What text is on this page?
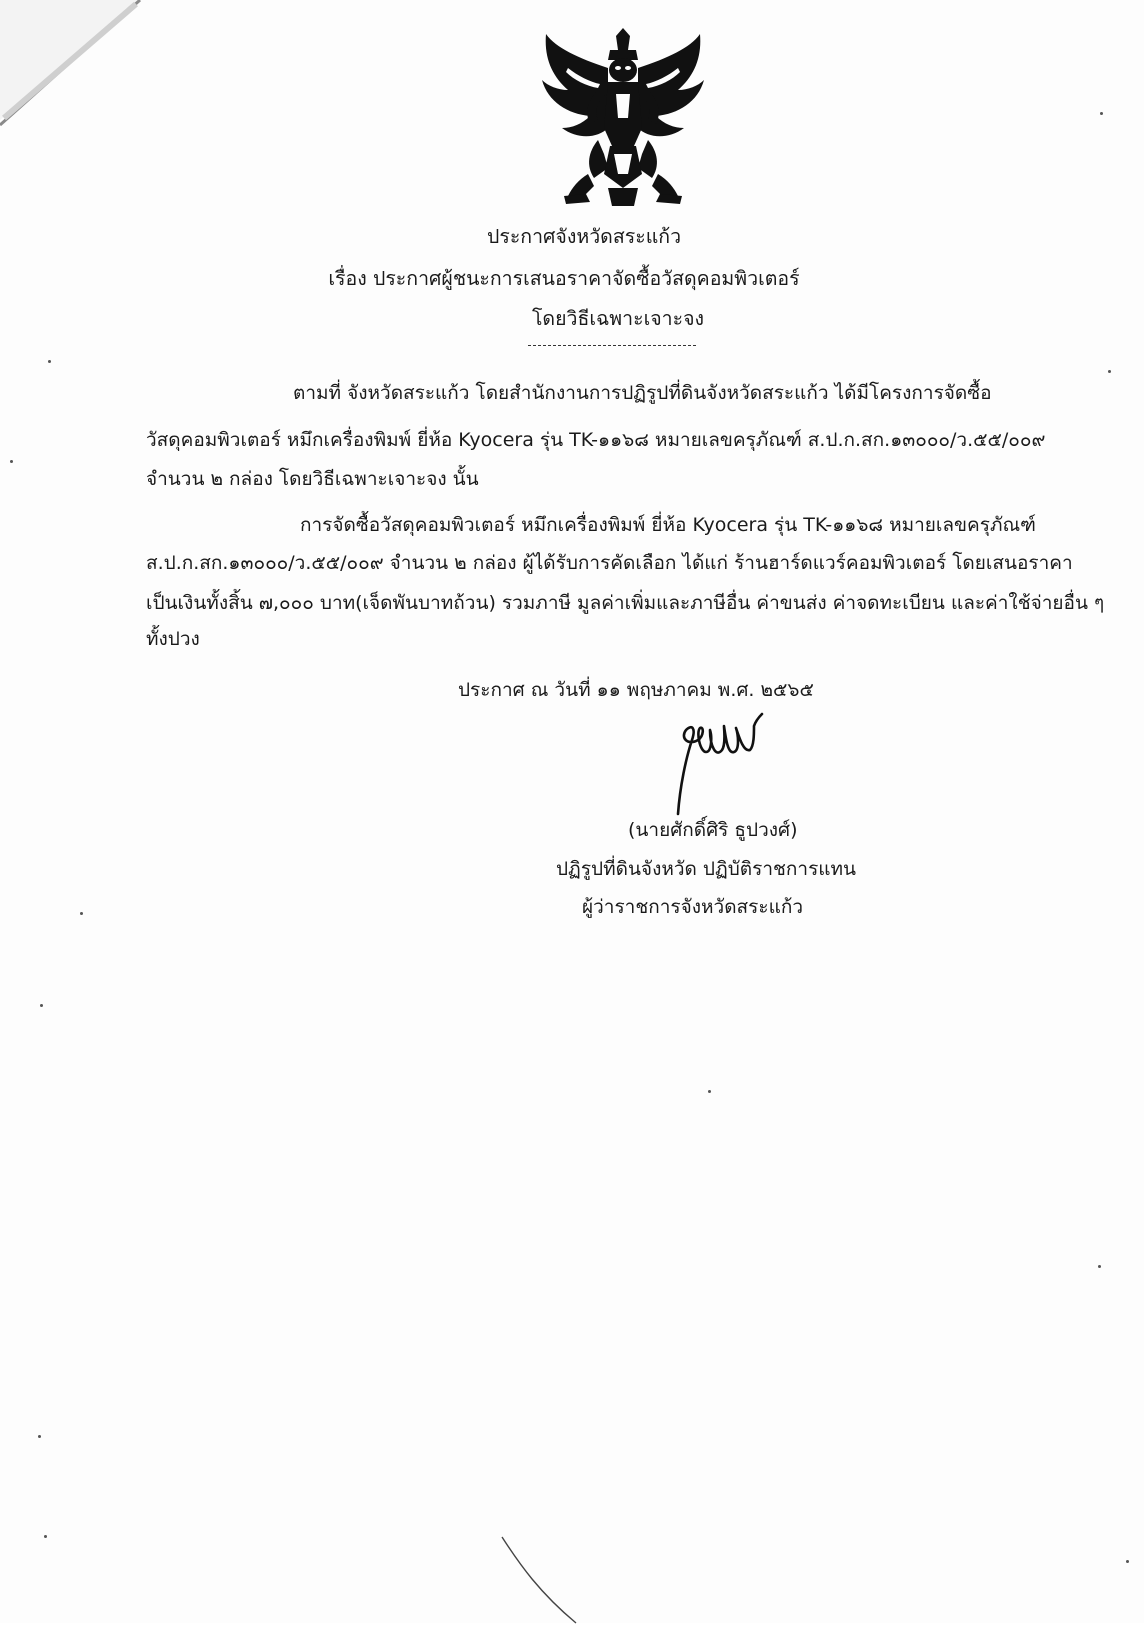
ประกาศจังหวัดสระแก้ว
เรื่อง ประกาศผู้ชนะการเสนอราคาจัดซื้อวัสดุคอมพิวเตอร์
โดยวิธีเฉพาะเจาะจง
ตามที่ จังหวัดสระแก้ว โดยสำนักงานการปฏิรูปที่ดินจังหวัดสระแก้ว ได้มีโครงการจัดซื้อ
วัสดุคอมพิวเตอร์ หมึกเครื่องพิมพ์ ยี่ห้อ Kyocera รุ่น TK-๑๑๖๘ หมายเลขครุภัณฑ์ ส.ป.ก.สก.๑๓๐๐๐/ว.๕๕/๐๐๙
จำนวน ๒ กล่อง โดยวิธีเฉพาะเจาะจง นั้น
การจัดซื้อวัสดุคอมพิวเตอร์ หมึกเครื่องพิมพ์ ยี่ห้อ Kyocera รุ่น TK-๑๑๖๘ หมายเลขครุภัณฑ์
ส.ป.ก.สก.๑๓๐๐๐/ว.๕๕/๐๐๙ จำนวน ๒ กล่อง ผู้ได้รับการคัดเลือก ได้แก่ ร้านฮาร์ดแวร์คอมพิวเตอร์ โดยเสนอราคา
เป็นเงินทั้งสิ้น ๗,๐๐๐ บาท(เจ็ดพันบาทถ้วน) รวมภาษี มูลค่าเพิ่มและภาษีอื่น ค่าขนส่ง ค่าจดทะเบียน และค่าใช้จ่ายอื่น ๆ
ทั้งปวง
ประกาศ ณ วันที่ ๑๑ พฤษภาคม พ.ศ. ๒๕๖๕
(นายศักดิ์ศิริ ธูปวงศ์)
ปฏิรูปที่ดินจังหวัด ปฏิบัติราชการแทน
ผู้ว่าราชการจังหวัดสระแก้ว
